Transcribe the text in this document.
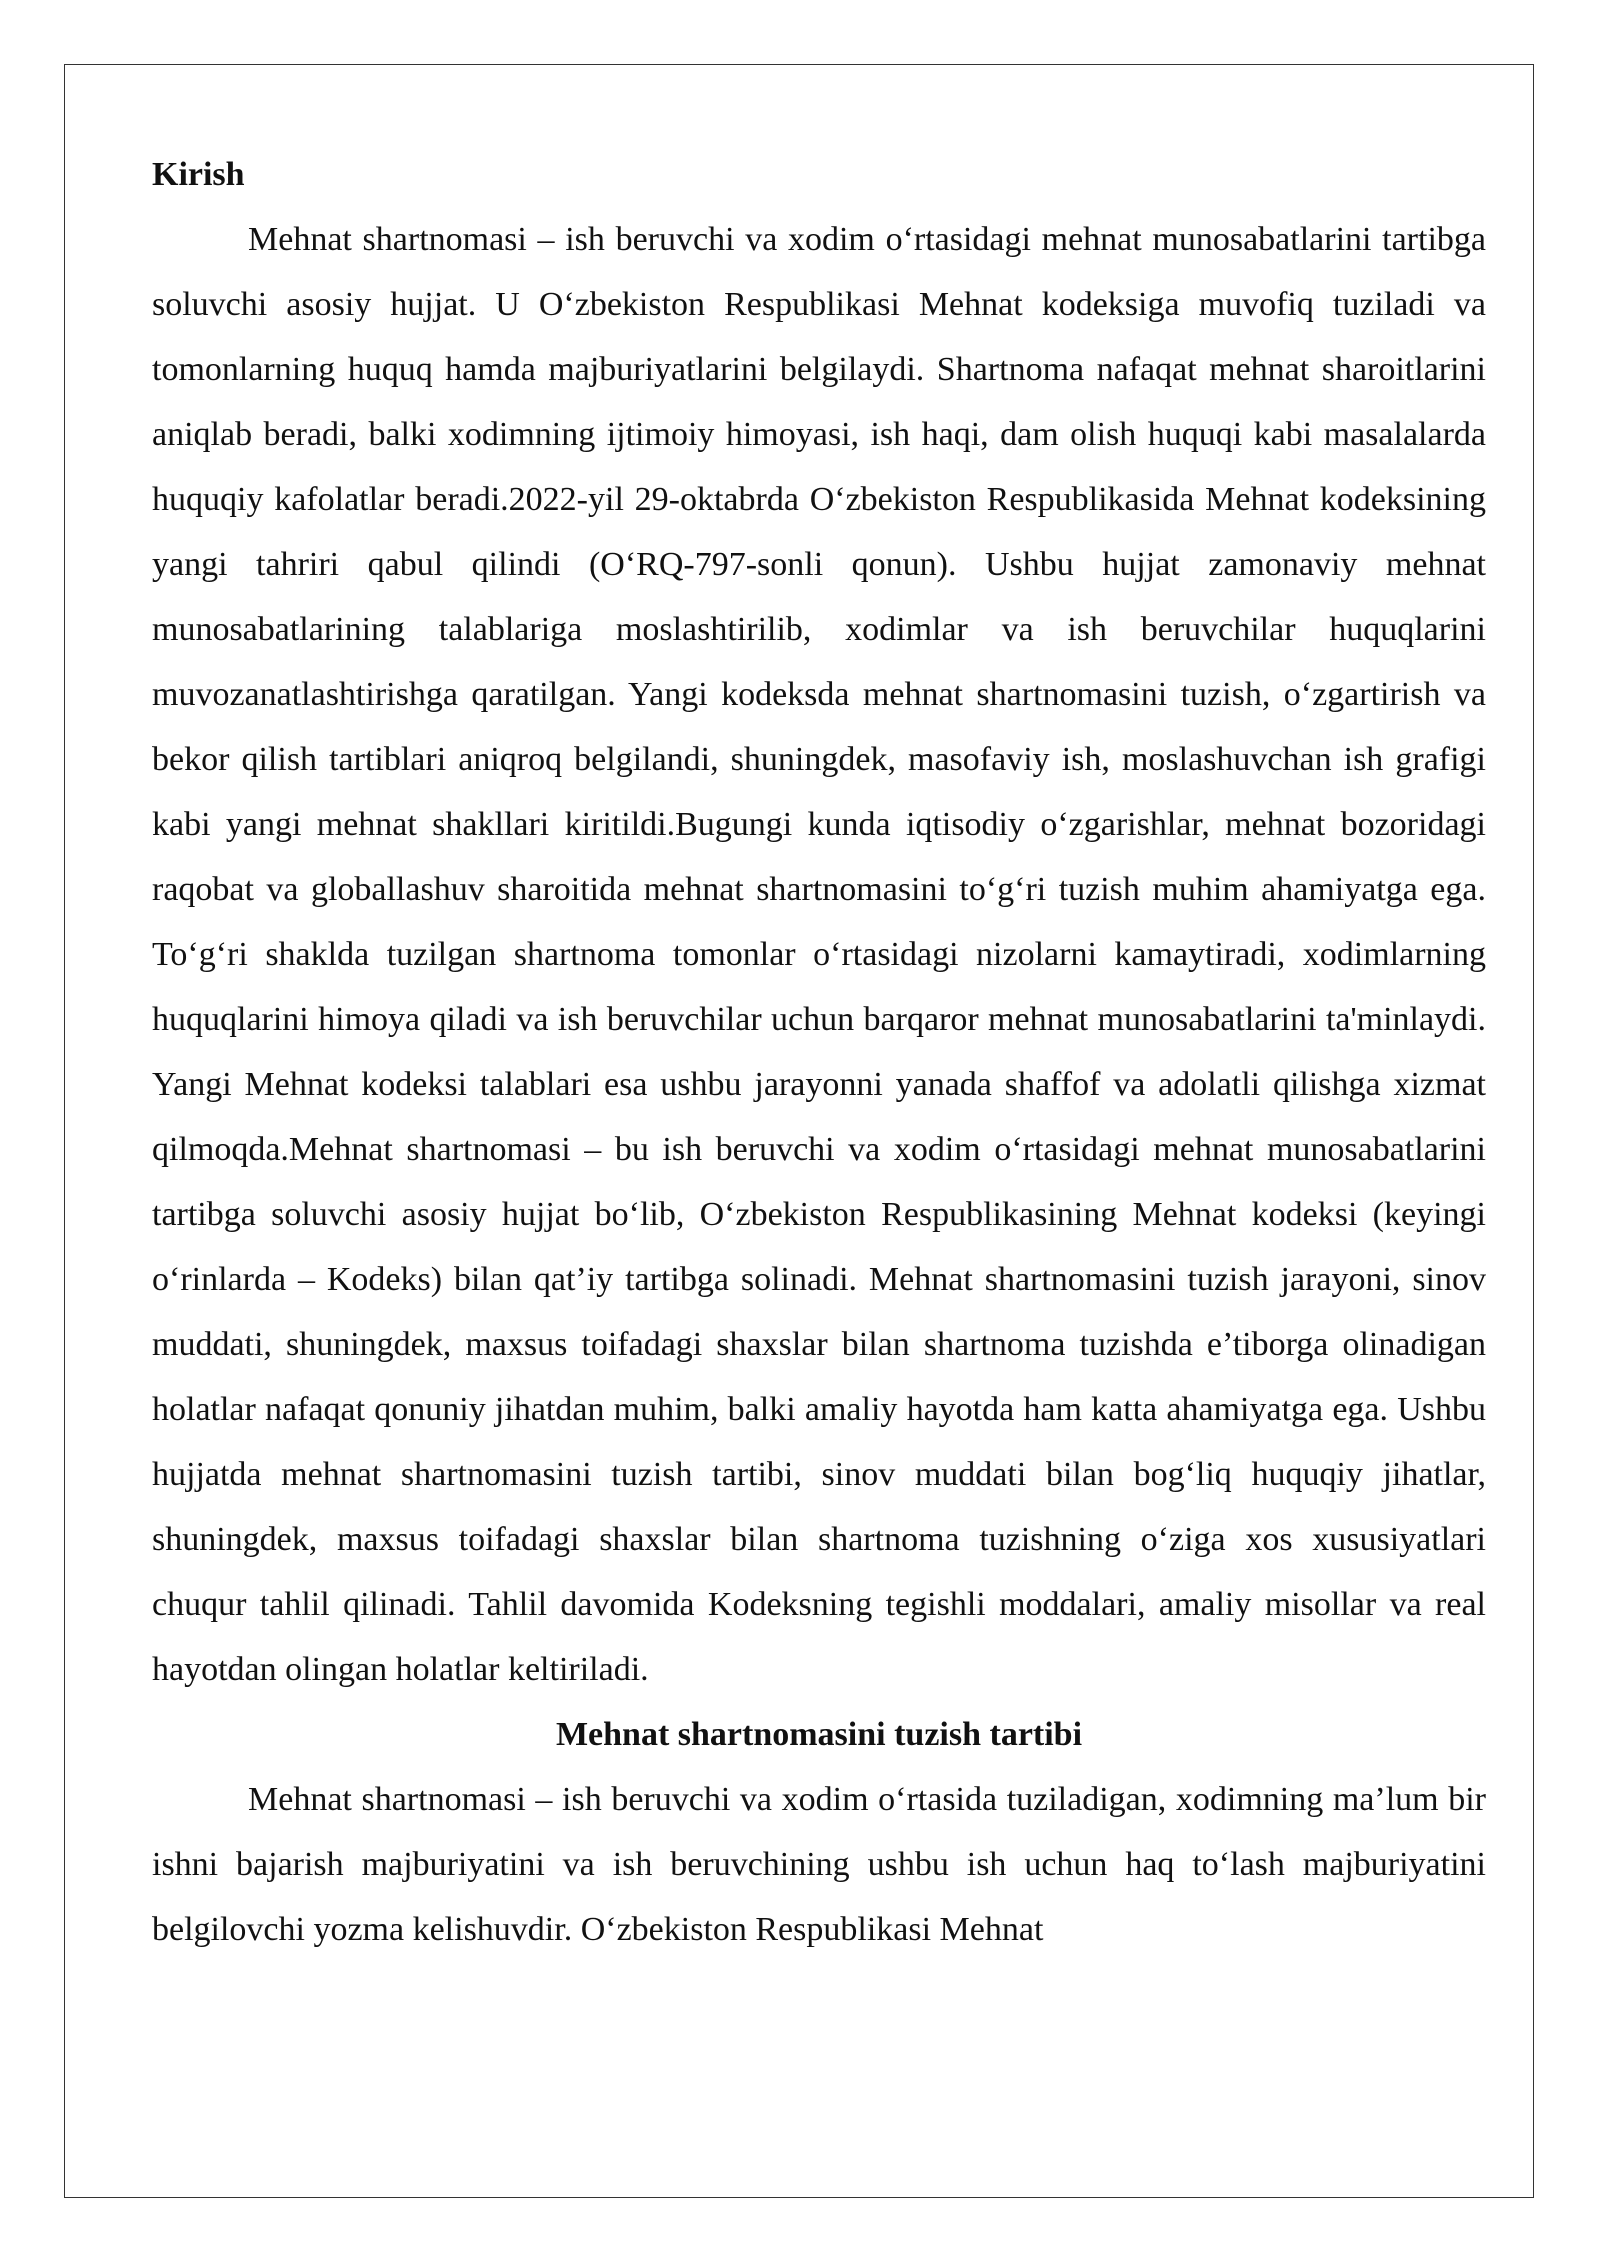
Kirish

Mehnat shartnomasi – ish beruvchi va xodim o‘rtasidagi mehnat munosabatlarini tartibga soluvchi asosiy hujjat. U O‘zbekiston Respublikasi Mehnat kodeksiga muvofiq tuziladi va tomonlarning huquq hamda majburiyatlarini belgilaydi. Shartnoma nafaqat mehnat sharoitlarini aniqlab beradi, balki xodimning ijtimoiy himoyasi, ish haqi, dam olish huquqi kabi masalalarda huquqiy kafolatlar beradi.2022-yil 29-oktabrda O‘zbekiston Respublikasida Mehnat kodeksining yangi tahriri qabul qilindi (O‘RQ-797-sonli qonun). Ushbu hujjat zamonaviy mehnat munosabatlarining talablariga moslashtirilib, xodimlar va ish beruvchilar huquqlarini muvozanatlashtirishga qaratilgan. Yangi kodeksda mehnat shartnomasini tuzish, o‘zgartirish va bekor qilish tartiblari aniqroq belgilandi, shuningdek, masofaviy ish, moslashuvchan ish grafigi kabi yangi mehnat shakllari kiritildi.Bugungi kunda iqtisodiy o‘zgarishlar, mehnat bozoridagi raqobat va globallashuv sharoitida mehnat shartnomasini to‘g‘ri tuzish muhim ahamiyatga ega. To‘g‘ri shaklda tuzilgan shartnoma tomonlar o‘rtasidagi nizolarni kamaytiradi, xodimlarning huquqlarini himoya qiladi va ish beruvchilar uchun barqaror mehnat munosabatlarini ta'minlaydi. Yangi Mehnat kodeksi talablari esa ushbu jarayonni yanada shaffof va adolatli qilishga xizmat qilmoqda.Mehnat shartnomasi – bu ish beruvchi va xodim o‘rtasidagi mehnat munosabatlarini tartibga soluvchi asosiy hujjat bo‘lib, O‘zbekiston Respublikasining Mehnat kodeksi (keyingi o‘rinlarda – Kodeks) bilan qat’iy tartibga solinadi. Mehnat shartnomasini tuzish jarayoni, sinov muddati, shuningdek, maxsus toifadagi shaxslar bilan shartnoma tuzishda e’tiborga olinadigan holatlar nafaqat qonuniy jihatdan muhim, balki amaliy hayotda ham katta ahamiyatga ega. Ushbu hujjatda mehnat shartnomasini tuzish tartibi, sinov muddati bilan bog‘liq huquqiy jihatlar, shuningdek, maxsus toifadagi shaxslar bilan shartnoma tuzishning o‘ziga xos xususiyatlari chuqur tahlil qilinadi. Tahlil davomida Kodeksning tegishli moddalari, amaliy misollar va real hayotdan olingan holatlar keltiriladi.

Mehnat shartnomasini tuzish tartibi

Mehnat shartnomasi – ish beruvchi va xodim o‘rtasida tuziladigan, xodimning ma’lum bir ishni bajarish majburiyatini va ish beruvchining ushbu ish uchun haq to‘lash majburiyatini belgilovchi yozma kelishuvdir. O‘zbekiston Respublikasi Mehnat
